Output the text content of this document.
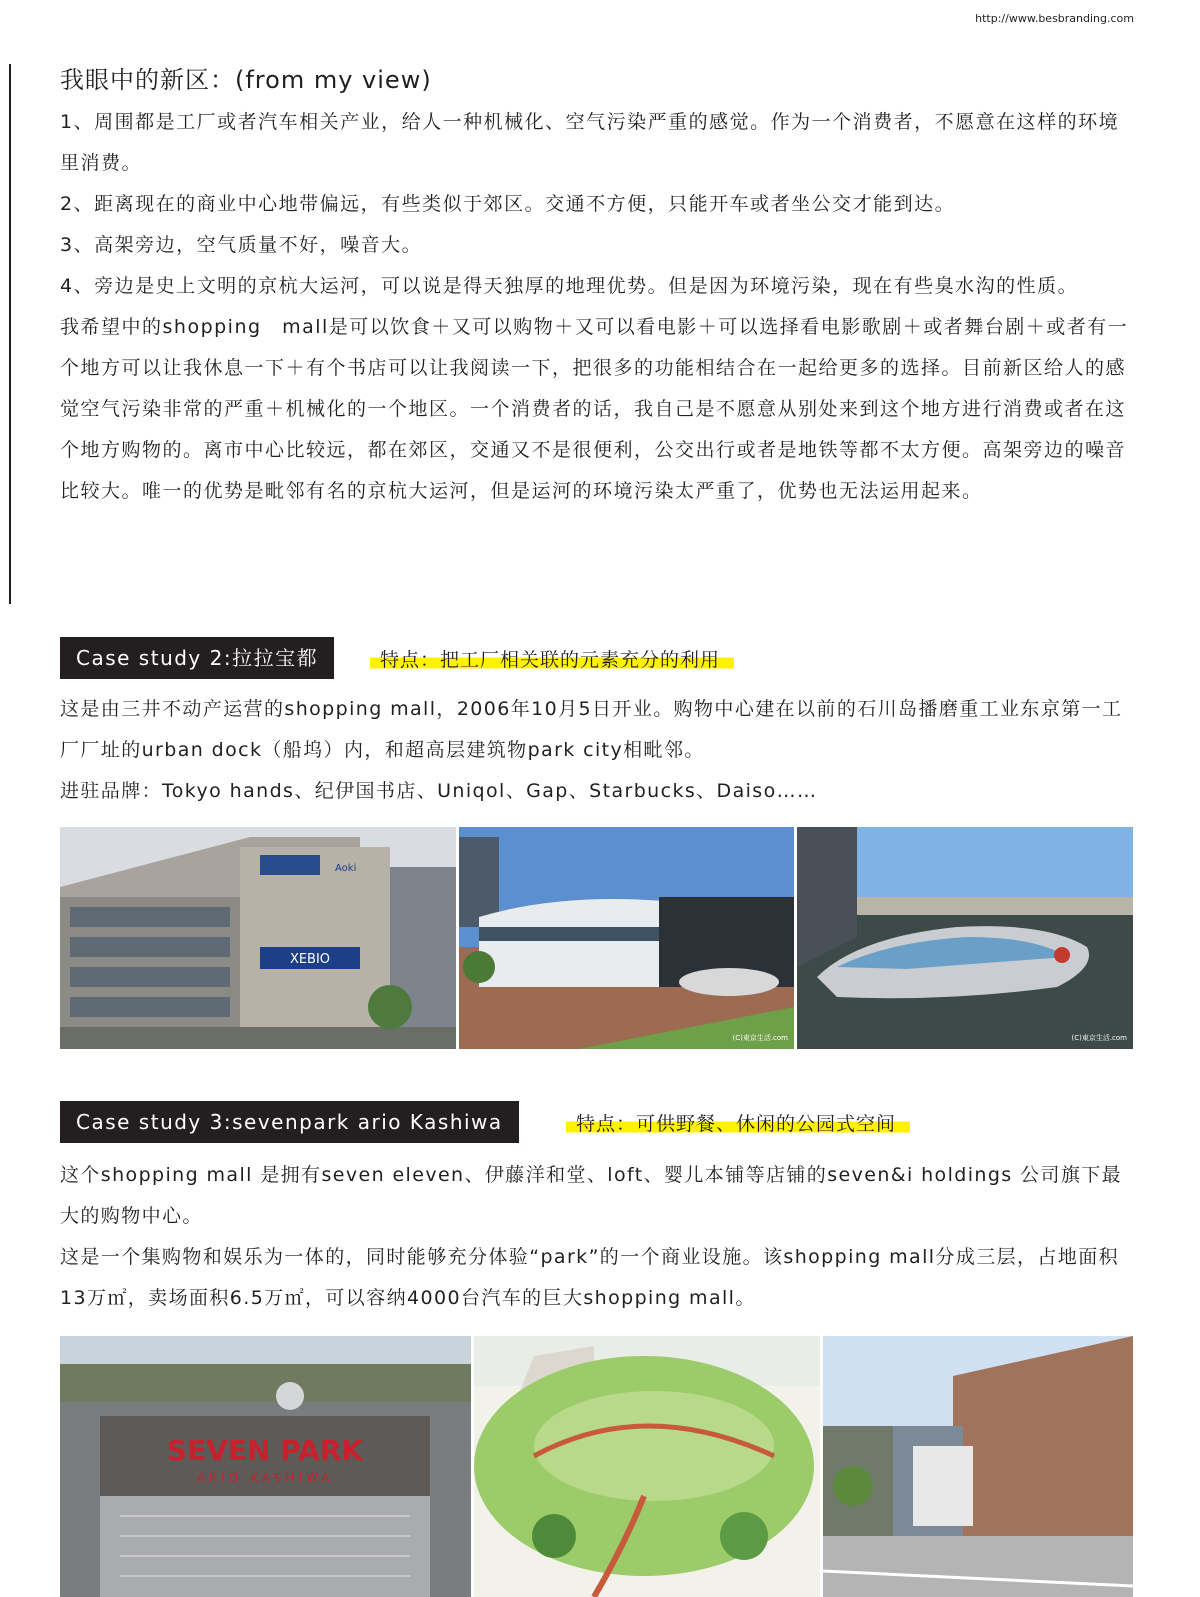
http://www.besbranding.com
我眼中的新区：(from my view)

1、周围都是工厂或者汽车相关产业，给人一种机械化、空气污染严重的感觉。作为一个消费者，不愿意在这样的环境里消费。

2、距离现在的商业中心地带偏远，有些类似于郊区。交通不方便，只能开车或者坐公交才能到达。

3、高架旁边，空气质量不好，噪音大。

4、旁边是史上文明的京杭大运河，可以说是得天独厚的地理优势。但是因为环境污染，现在有些臭水沟的性质。

我希望中的shopping　mall是可以饮食＋又可以购物＋又可以看电影＋可以选择看电影歌剧＋或者舞台剧＋或者有一个地方可以让我休息一下＋有个书店可以让我阅读一下，把很多的功能相结合在一起给更多的选择。目前新区给人的感觉空气污染非常的严重＋机械化的一个地区。一个消费者的话，我自己是不愿意从别处来到这个地方进行消费或者在这个地方购物的。离市中心比较远，都在郊区，交通又不是很便利，公交出行或者是地铁等都不太方便。高架旁边的噪音比较大。唯一的优势是毗邻有名的京杭大运河，但是运河的环境污染太严重了，优势也无法运用起来。

Case study 2:拉拉宝都	特点：把工厂相关联的元素充分的利用

这是由三井不动产运营的shopping mall，2006年10月5日开业。购物中心建在以前的石川岛播磨重工业东京第一工厂厂址的urban dock（船坞）内，和超高层建筑物park city相毗邻。

进驻品牌：Tokyo hands、纪伊国书店、Uniqol、Gap、Starbucks、Daiso……

XEBIO
Aoki
(C)東京生活.com	(C)東京生活.com
Case study 3:sevenpark ario Kashiwa	特点：可供野餐、休闲的公园式空间

这个shopping mall 是拥有seven eleven、伊藤洋和堂、loft、婴儿本铺等店铺的seven&i holdings 公司旗下最大的购物中心。

这是一个集购物和娱乐为一体的，同时能够充分体验“park”的一个商业设施。该shopping mall分成三层，占地面积13万㎡，卖场面积6.5万㎡，可以容纳4000台汽车的巨大shopping mall。

SEVEN PARK
ARIO KASHIWA
